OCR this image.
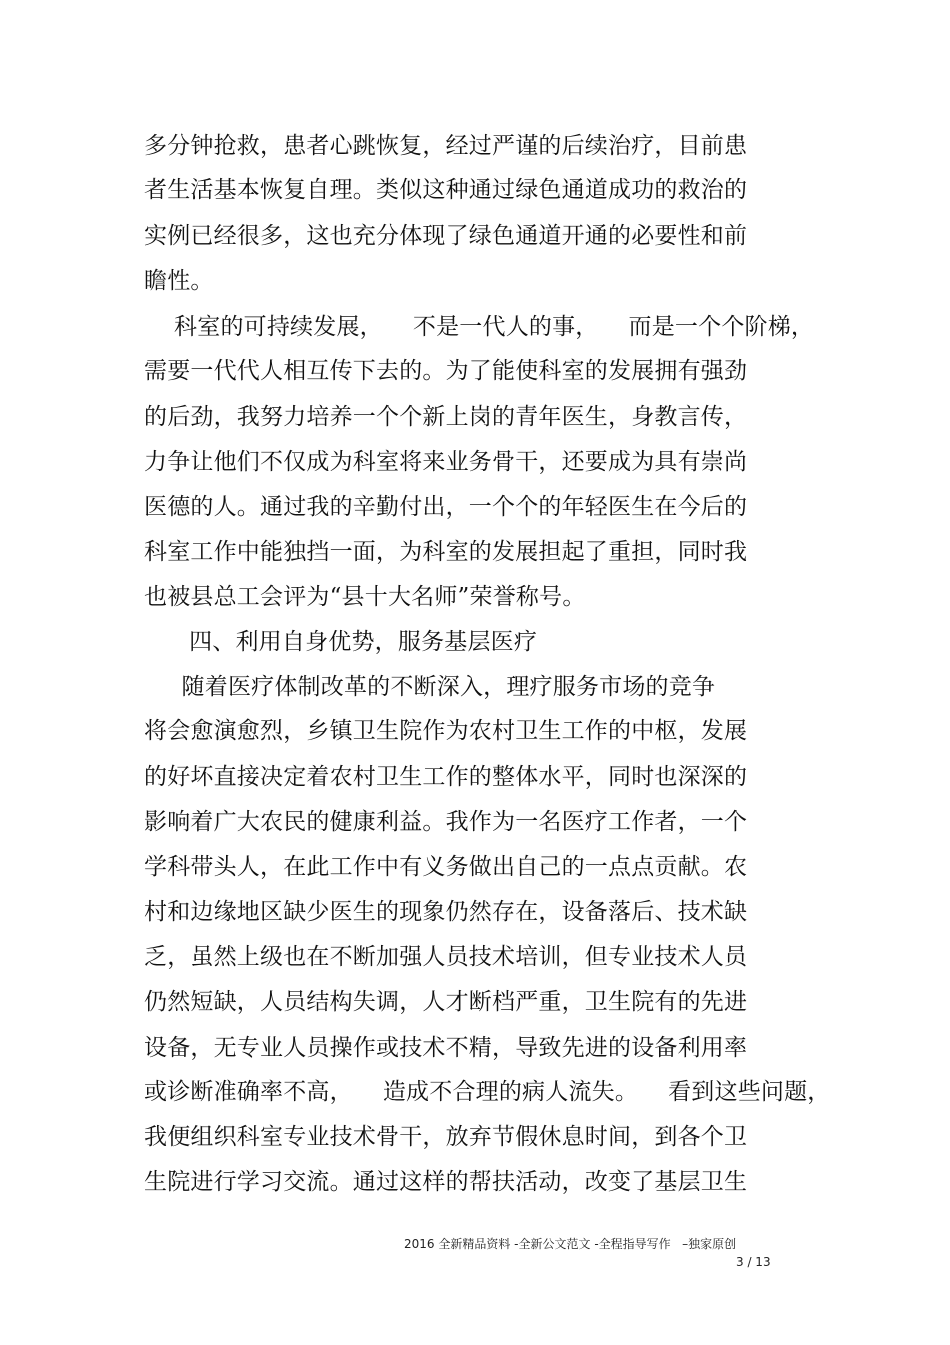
多分钟抢救，患者心跳恢复，经过严谨的后续治疗，目前患
者生活基本恢复自理。类似这种通过绿色通道成功的救治的
实例已经很多，这也充分体现了绿色通道开通的必要性和前
瞻性。
科室的可持续发展，    不是一代人的事，    而是一个个阶梯，
需要一代代人相互传下去的。为了能使科室的发展拥有强劲
的后劲，我努力培养一个个新上岗的青年医生，身教言传，
力争让他们不仅成为科室将来业务骨干，还要成为具有崇尚
医德的人。通过我的辛勤付出，一个个的年轻医生在今后的
科室工作中能独挡一面，为科室的发展担起了重担，同时我
也被县总工会评为“县十大名师”荣誉称号。
四、利用自身优势，服务基层医疗
随着医疗体制改革的不断深入，理疗服务市场的竞争
将会愈演愈烈，乡镇卫生院作为农村卫生工作的中枢，发展
的好坏直接决定着农村卫生工作的整体水平，同时也深深的
影响着广大农民的健康利益。我作为一名医疗工作者，一个
学科带头人，在此工作中有义务做出自己的一点点贡献。农
村和边缘地区缺少医生的现象仍然存在，设备落后、技术缺
乏，虽然上级也在不断加强人员技术培训，但专业技术人员
仍然短缺，人员结构失调，人才断档严重，卫生院有的先进
设备，无专业人员操作或技术不精，导致先进的设备利用率
或诊断准确率不高，    造成不合理的病人流失。    看到这些问题，
我便组织科室专业技术骨干，放弃节假休息时间，到各个卫
生院进行学习交流。通过这样的帮扶活动，改变了基层卫生
2016 全新精品资料 -全新公文范文 -全程指导写作   –独家原创
3 / 13
